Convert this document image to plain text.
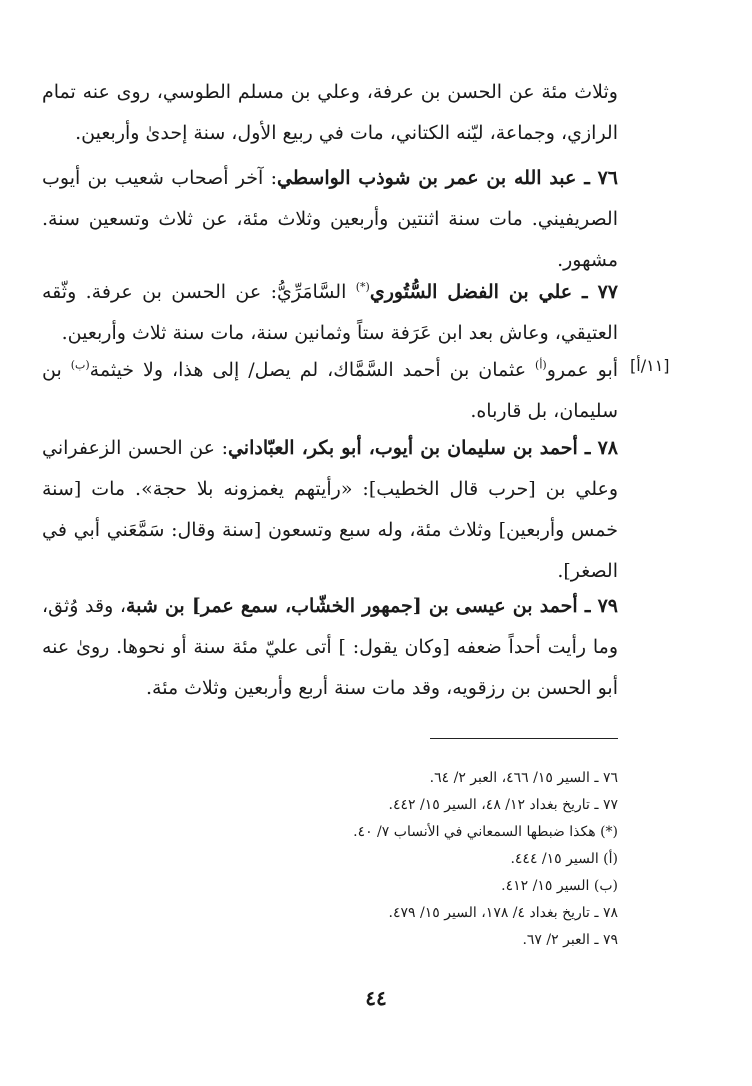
وثلاث مئة عن الحسن بن عرفة، وعلي بن مسلم الطوسي، روى عنه تمام الرازي، وجماعة، ليّنه الكتاني، مات في ربيع الأول، سنة إحدىٰ وأربعين.
٧٦ ـ عبد الله بن عمر بن شوذب الواسطي: آخر أصحاب شعيب بن أيوب الصريفيني. مات سنة اثنتين وأربعين وثلاث مئة، عن ثلاث وتسعين سنة. مشهور.
٧٧ ـ علي بن الفضل السُّتُوري(*) السَّامَرِّيُّ: عن الحسن بن عرفة. وثّقه العتيقي، وعاش بعد ابن عَرَفة ستاً وثمانين سنة، مات سنة ثلاث وأربعين.
[١١/أ]
أبو عمرو$^{(أ)}$ عثمان بن أحمد السَّمَّاك، لم يصل/ إلى هذا، ولا خيثمة$^{(ب)}$ بن سليمان، بل قارباه.
٧٨ ـ أحمد بن سليمان بن أيوب، أبو بكر، العبّاداني: عن الحسن الزعفراني وعلي بن [حرب قال الخطيب]: «رأيتهم يغمزونه بلا حجة». مات [سنة خمس وأربعين] وثلاث مئة، وله سبع وتسعون [سنة وقال: سَمَّعَني أبي في الصغر].
٧٩ ـ أحمد بن عيسى بن [جمهور الخشّاب، سمع عمر] بن شبة، وقد وُثق، وما رأيت أحداً ضعفه [وكان يقول: ] أتى عليّ مئة سنة أو نحوها. روىٰ عنه أبو الحسن بن رزقويه، وقد مات سنة أربع وأربعين وثلاث مئة.
٧٦ ـ السير ١٥/ ٤٦٦، العبر ٢/ ٦٤.
٧٧ ـ تاريخ بغداد ١٢/ ٤٨، السير ١٥/ ٤٤٢.
(*) هكذا ضبطها السمعاني في الأنساب ٧/ ٤٠.
(أ) السير ١٥/ ٤٤٤.
(ب) السير ١٥/ ٤١٢.
٧٨ ـ تاريخ بغداد ٤/ ١٧٨، السير ١٥/ ٤٧٩.
٧٩ ـ العبر ٢/ ٦٧.
٤٤
